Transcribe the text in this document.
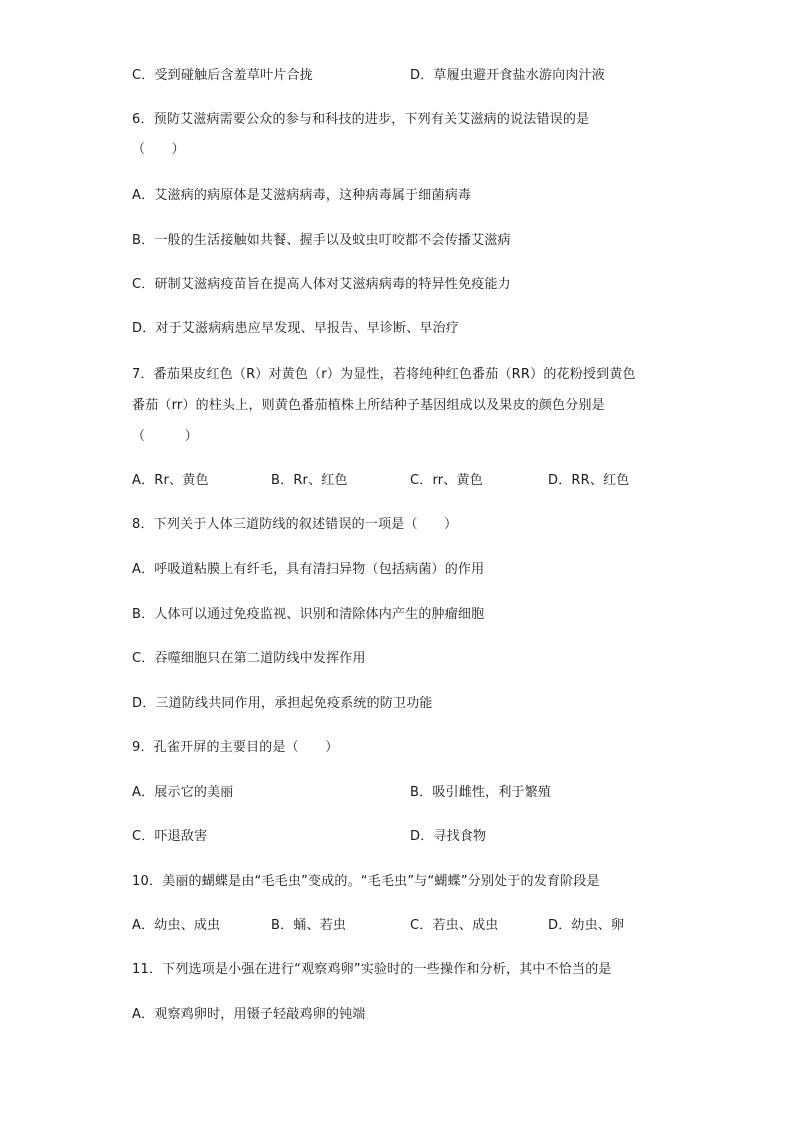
C．受到碰触后含羞草叶片合拢	D．草履虫避开食盐水游向肉汁液
6．预防艾滋病需要公众的参与和科技的进步，下列有关艾滋病的说法错误的是
（　　）
A．艾滋病的病原体是艾滋病病毒，这种病毒属于细菌病毒
B．一般的生活接触如共餐、握手以及蚊虫叮咬都不会传播艾滋病
C．研制艾滋病疫苗旨在提高人体对艾滋病病毒的特异性免疫能力
D．对于艾滋病病患应早发现、早报告、早诊断、早治疗
7．番茄果皮红色（R）对黄色（r）为显性，若将纯种红色番茄（RR）的花粉授到黄色
番茄（rr）的柱头上，则黄色番茄植株上所结种子基因组成以及果皮的颜色分别是
（　　　）
A．Rr、黄色	B．Rr、红色	C．rr、黄色	D．RR、红色
8．下列关于人体三道防线的叙述错误的一项是（　　）
A．呼吸道粘膜上有纤毛，具有清扫异物（包括病菌）的作用
B．人体可以通过免疫监视、识别和清除体内产生的肿瘤细胞
C．吞噬细胞只在第二道防线中发挥作用
D．三道防线共同作用，承担起免疫系统的防卫功能
9．孔雀开屏的主要目的是（　　）
A．展示它的美丽	B．吸引雌性，利于繁殖
C．吓退敌害	D．寻找食物
10．美丽的蝴蝶是由“毛毛虫”变成的。“毛毛虫”与“蝴蝶”分别处于的发育阶段是
A．幼虫、成虫	B．蛹、若虫	C．若虫、成虫	D．幼虫、卵
11．下列选项是小强在进行“观察鸡卵”实验时的一些操作和分析，其中不恰当的是
A．观察鸡卵时，用镊子轻敲鸡卵的钝端
